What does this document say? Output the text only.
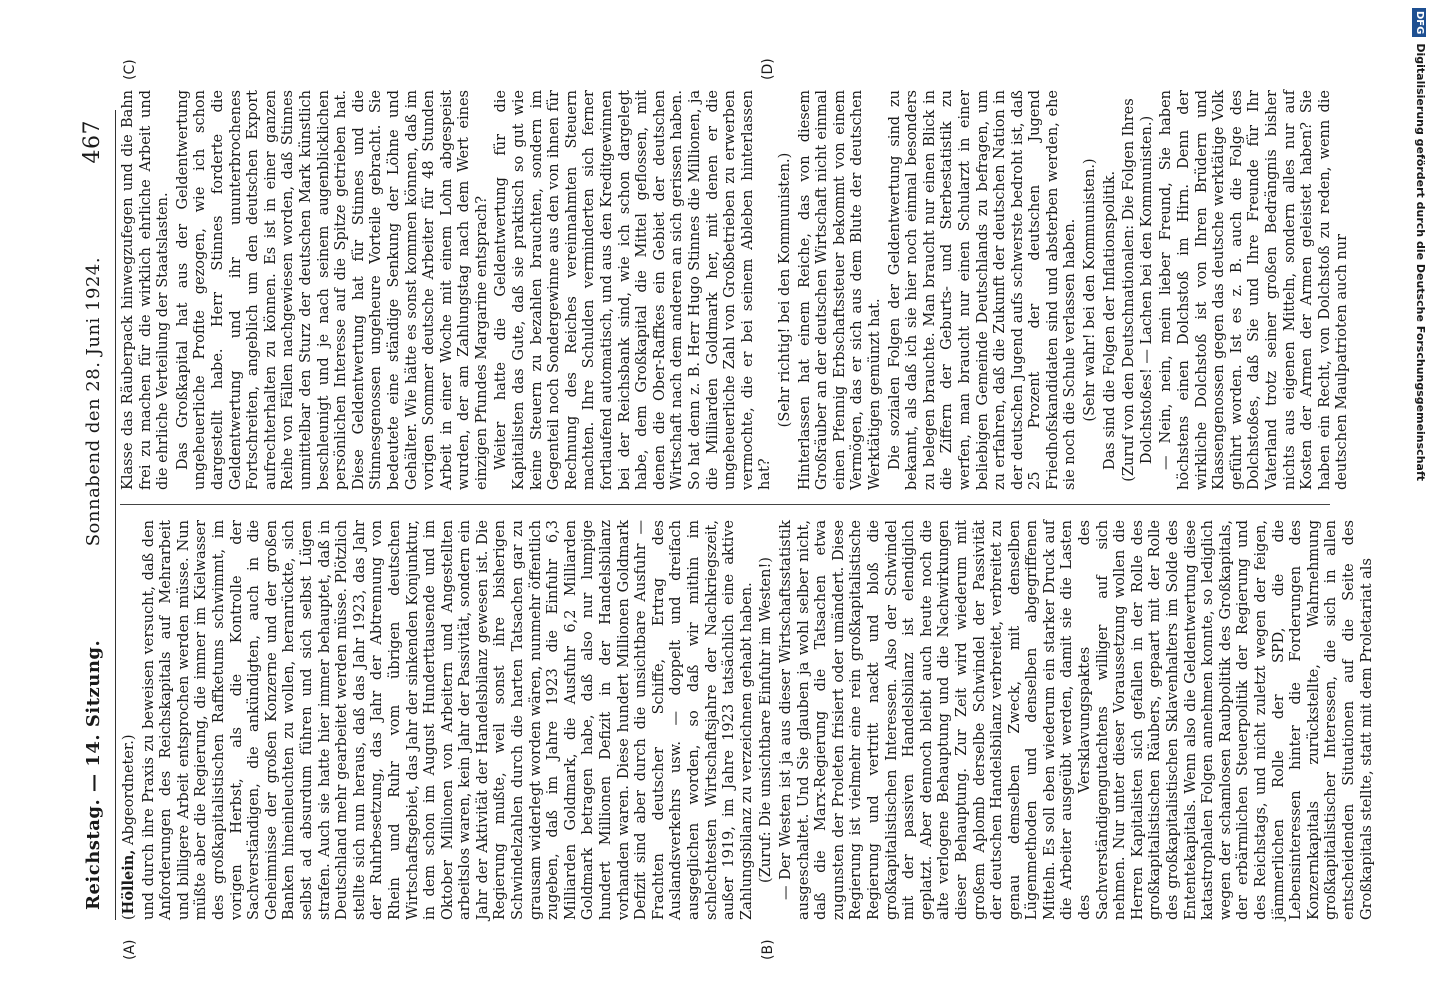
Reichstag. — 14. Sitzung.
Sonnabend den 28. Juni 1924.
467
(A)	(B)
(C)	(D)

(Höllein, Abgeordneter.) und durch ihre Praxis zu beweisen versucht, daß den Anforderungen des Reichskapitals auf Mehrarbeit und billigere Arbeit entsprochen werden müsse. Nun müßte aber die Regierung, die immer im Kielwasser des großkapitalistischen Raffketums schwimmt, im vorigen Herbst, als die Kontrolle der Sachverständigen, die ankündigten, auch in die Geheimnisse der großen Konzerne und der großen Banken hineinleuchten zu wollen, heranrückte, sich selbst ad absurdum führen und sich selbst Lügen strafen. Auch sie hatte hier immer behauptet, daß in Deutschland mehr gearbeitet werden müsse. Plötzlich stellte sich nun heraus, daß das Jahr 1923, das Jahr der Ruhrbesetzung, das Jahr der Abtrennung von Rhein und Ruhr vom übrigen deutschen Wirtschaftsgebiet, das Jahr der sinkenden Konjunktur, in dem schon im August Hunderttausende und im Oktober Millionen von Arbeitern und Angestellten arbeitslos waren, kein Jahr der Passivität, sondern ein Jahr der Aktivität der Handelsbilanz gewesen ist. Die Regierung mußte, weil sonst ihre bisherigen Schwindelzahlen durch die harten Tatsachen gar zu grausam widerlegt worden wären, nunmehr öffentlich zugeben, daß im Jahre 1923 die Einfuhr 6,3 Milliarden Goldmark, die Ausfuhr 6,2 Milliarden Goldmark betragen habe, daß also nur lumpige hundert Millionen Defizit in der Handelsbilanz vorhanden waren. Diese hundert Millionen Goldmark Defizit sind aber durch die unsichtbare Ausfuhr — Frachten deutscher Schiffe, Ertrag des Auslandsverkehrs usw. — doppelt und dreifach ausgeglichen worden, so daß wir mithin im schlechtesten Wirtschaftsjahre der Nachkriegszeit, außer 1919, im Jahre 1923 tatsächlich eine aktive Zahlungsbilanz zu verzeichnen gehabt haben. (Zuruf: Die unsichtbare Einfuhr im Westen!) — Der Westen ist ja aus dieser Wirtschaftsstatistik ausgeschaltet. Und Sie glauben ja wohl selber nicht, daß die Marx-Regierung die Tatsachen etwa zugunsten der Proleten frisiert oder umändert. Diese Regierung ist vielmehr eine rein großkapitalistische Regierung und vertritt nackt und bloß die großkapitalistischen Interessen. Also der Schwindel mit der passiven Handelsbilanz ist elendiglich geplatzt. Aber dennoch bleibt auch heute noch die alte verlogene Behauptung und die Nachwirkungen dieser Behauptung. Zur Zeit wird wiederum mit großem Aplomb derselbe Schwindel der Passivität der deutschen Handelsbilanz verbreitet, verbreitet zu genau demselben Zweck, mit denselben Lügenmethoden und denselben abgegriffenen Mitteln. Es soll eben wiederum ein starker Druck auf die Arbeiter ausgeübt werden, damit sie die Lasten des Versklavungspaktes des Sachverständigengutachtens williger auf sich nehmen. Nur unter dieser Voraussetzung wollen die Herren Kapitalisten sich gefallen in der Rolle des großkapitalistischen Räubers, gepaart mit der Rolle des großkapitalistischen Sklavenhalters im Solde des Ententekapitals. Wenn also die Geldentwertung diese katastrophalen Folgen annehmen konnte, so lediglich wegen der schamlosen Raubpolitik des Großkapitals, der erbärmlichen Steuerpolitik der Regierung und des Reichstags, und nicht zuletzt wegen der feigen, jämmerlichen Rolle der SPD, die die Lebensinteressen hinter die Forderungen des Konzernkapitals zurückstellte, Wahrnehmung großkapitalistischer Interessen, die sich in allen entscheidenden Situationen auf die Seite des Großkapitals stellte, statt mit dem Proletariat als

Klasse das Räuberpack hinwegzufegen und die Bahn frei zu machen für die wirklich ehrliche Arbeit und die ehrliche Verteilung der Staatslasten. Das Großkapital hat aus der Geldentwertung ungeheuerliche Profite gezogen, wie ich schon dargestellt habe. Herr Stinnes forderte die Geldentwertung und ihr ununterbrochenes Fortschreiten, angeblich um den deutschen Export aufrechterhalten zu können. Es ist in einer ganzen Reihe von Fällen nachgewiesen worden, daß Stinnes unmittelbar den Sturz der deutschen Mark künstlich beschleunigt und je nach seinem augenblicklichen persönlichen Interesse auf die Spitze getrieben hat. Diese Geldentwertung hat für Stinnes und die Stinnesgenossen ungeheure Vorteile gebracht. Sie bedeutete eine ständige Senkung der Löhne und Gehälter. Wie hätte es sonst kommen können, daß im vorigen Sommer deutsche Arbeiter für 48 Stunden Arbeit in einer Woche mit einem Lohn abgespeist wurden, der am Zahlungstag nach dem Wert eines einzigen Pfundes Margarine entsprach? Weiter hatte die Geldentwertung für die Kapitalisten das Gute, daß sie praktisch so gut wie keine Steuern zu bezahlen brauchten, sondern im Gegenteil noch Sondergewinne aus den von ihnen für Rechnung des Reiches vereinnahmten Steuern machten. Ihre Schulden verminderten sich ferner fortlaufend automatisch, und aus den Kreditgewinnen bei der Reichsbank sind, wie ich schon dargelegt habe, dem Großkapital die Mittel geflossen, mit denen die Ober-Raffkes ein Gebiet der deutschen Wirtschaft nach dem anderen an sich gerissen haben. So hat denn z. B. Herr Hugo Stinnes die Millionen, ja die Milliarden Goldmark her, mit denen er die ungeheuerliche Zahl von Großbetrieben zu erwerben vermochte, die er bei seinem Ableben hinterlassen hat?

(Sehr richtig! bei den Kommunisten.) Hinterlassen hat einem Reiche, das von diesem Großräuber an der deutschen Wirtschaft nicht einmal einen Pfennig Erbschaftssteuer bekommt von einem Vermögen, das er sich aus dem Blute der deutschen Werktätigen gemünzt hat. Die sozialen Folgen der Geldentwertung sind zu bekannt, als daß ich sie hier noch einmal besonders zu belegen brauchte. Man braucht nur einen Blick in die Ziffern der Geburts- und Sterbestatistik zu werfen, man braucht nur einen Schularzt in einer beliebigen Gemeinde Deutschlands zu befragen, um zu erfahren, daß die Zukunft der deutschen Nation in der deutschen Jugend aufs schwerste bedroht ist, daß 25 Prozent der deutschen Jugend Friedhofskandidaten sind und absterben werden, ehe sie noch die Schule verlassen haben. (Sehr wahr! bei den Kommunisten.) Das sind die Folgen der Inflationspolitik. (Zuruf von den Deutschnationalen: Die Folgen Ihres Dolchstoßes! — Lachen bei den Kommunisten.) — Nein, nein, mein lieber Freund, Sie haben höchstens einen Dolchstoß im Hirn. Denn der wirkliche Dolchstoß ist von Ihren Brüdern und Klassengenossen gegen das deutsche werktätige Volk geführt worden. Ist es z. B. auch die Folge des Dolchstoßes, daß Sie und Ihre Freunde für Ihr Vaterland trotz seiner großen Bedrängnis bisher nichts aus eigenen Mitteln, sondern alles nur auf Kosten der Armen der Armen geleistet haben? Sie haben ein Recht, von Dolchstoß zu reden, wenn die deutschen Maulpatrioten auch nur

DFGDigitalisierung gefördert durch die Deutsche Forschungsgemeinschaft
